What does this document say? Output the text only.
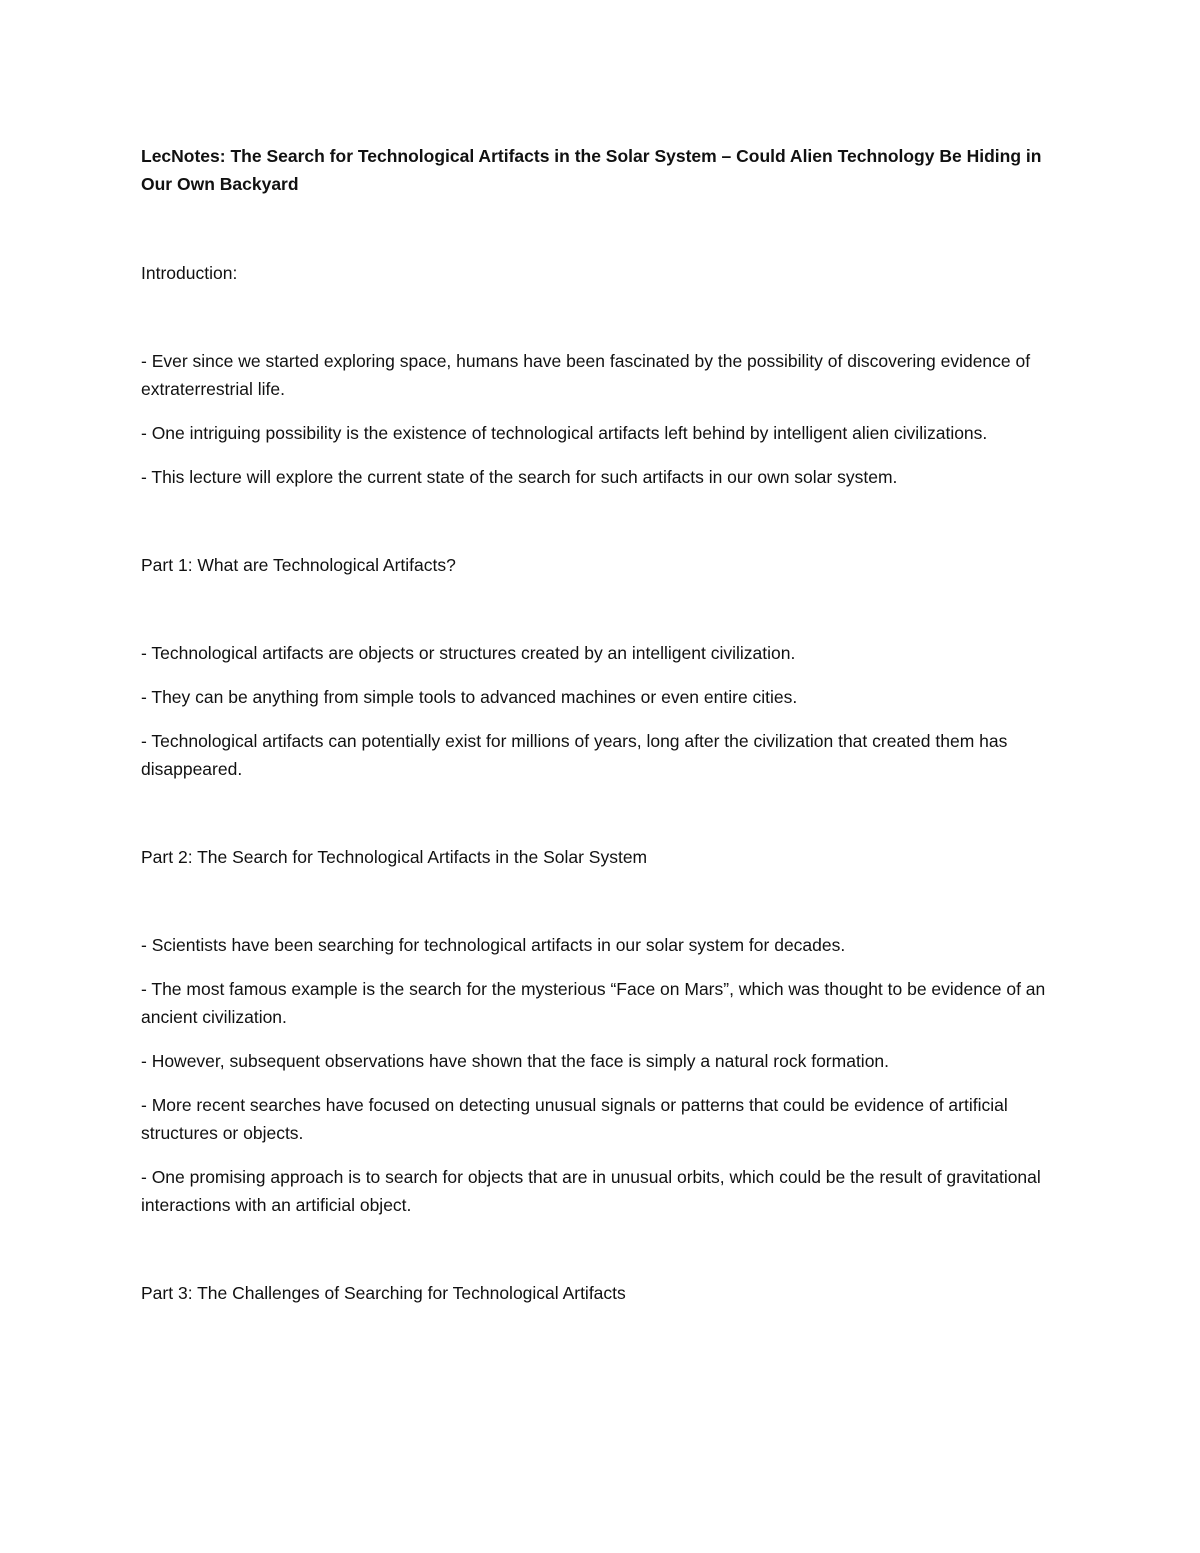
LecNotes: The Search for Technological Artifacts in the Solar System – Could Alien Technology Be Hiding in Our Own Backyard

Introduction:

- Ever since we started exploring space, humans have been fascinated by the possibility of discovering evidence of extraterrestrial life.
- One intriguing possibility is the existence of technological artifacts left behind by intelligent alien civilizations.
- This lecture will explore the current state of the search for such artifacts in our own solar system.

Part 1: What are Technological Artifacts?

- Technological artifacts are objects or structures created by an intelligent civilization.
- They can be anything from simple tools to advanced machines or even entire cities.
- Technological artifacts can potentially exist for millions of years, long after the civilization that created them has disappeared.

Part 2: The Search for Technological Artifacts in the Solar System

- Scientists have been searching for technological artifacts in our solar system for decades.
- The most famous example is the search for the mysterious “Face on Mars”, which was thought to be evidence of an ancient civilization.
- However, subsequent observations have shown that the face is simply a natural rock formation.
- More recent searches have focused on detecting unusual signals or patterns that could be evidence of artificial structures or objects.
- One promising approach is to search for objects that are in unusual orbits, which could be the result of gravitational interactions with an artificial object.

Part 3: The Challenges of Searching for Technological Artifacts
